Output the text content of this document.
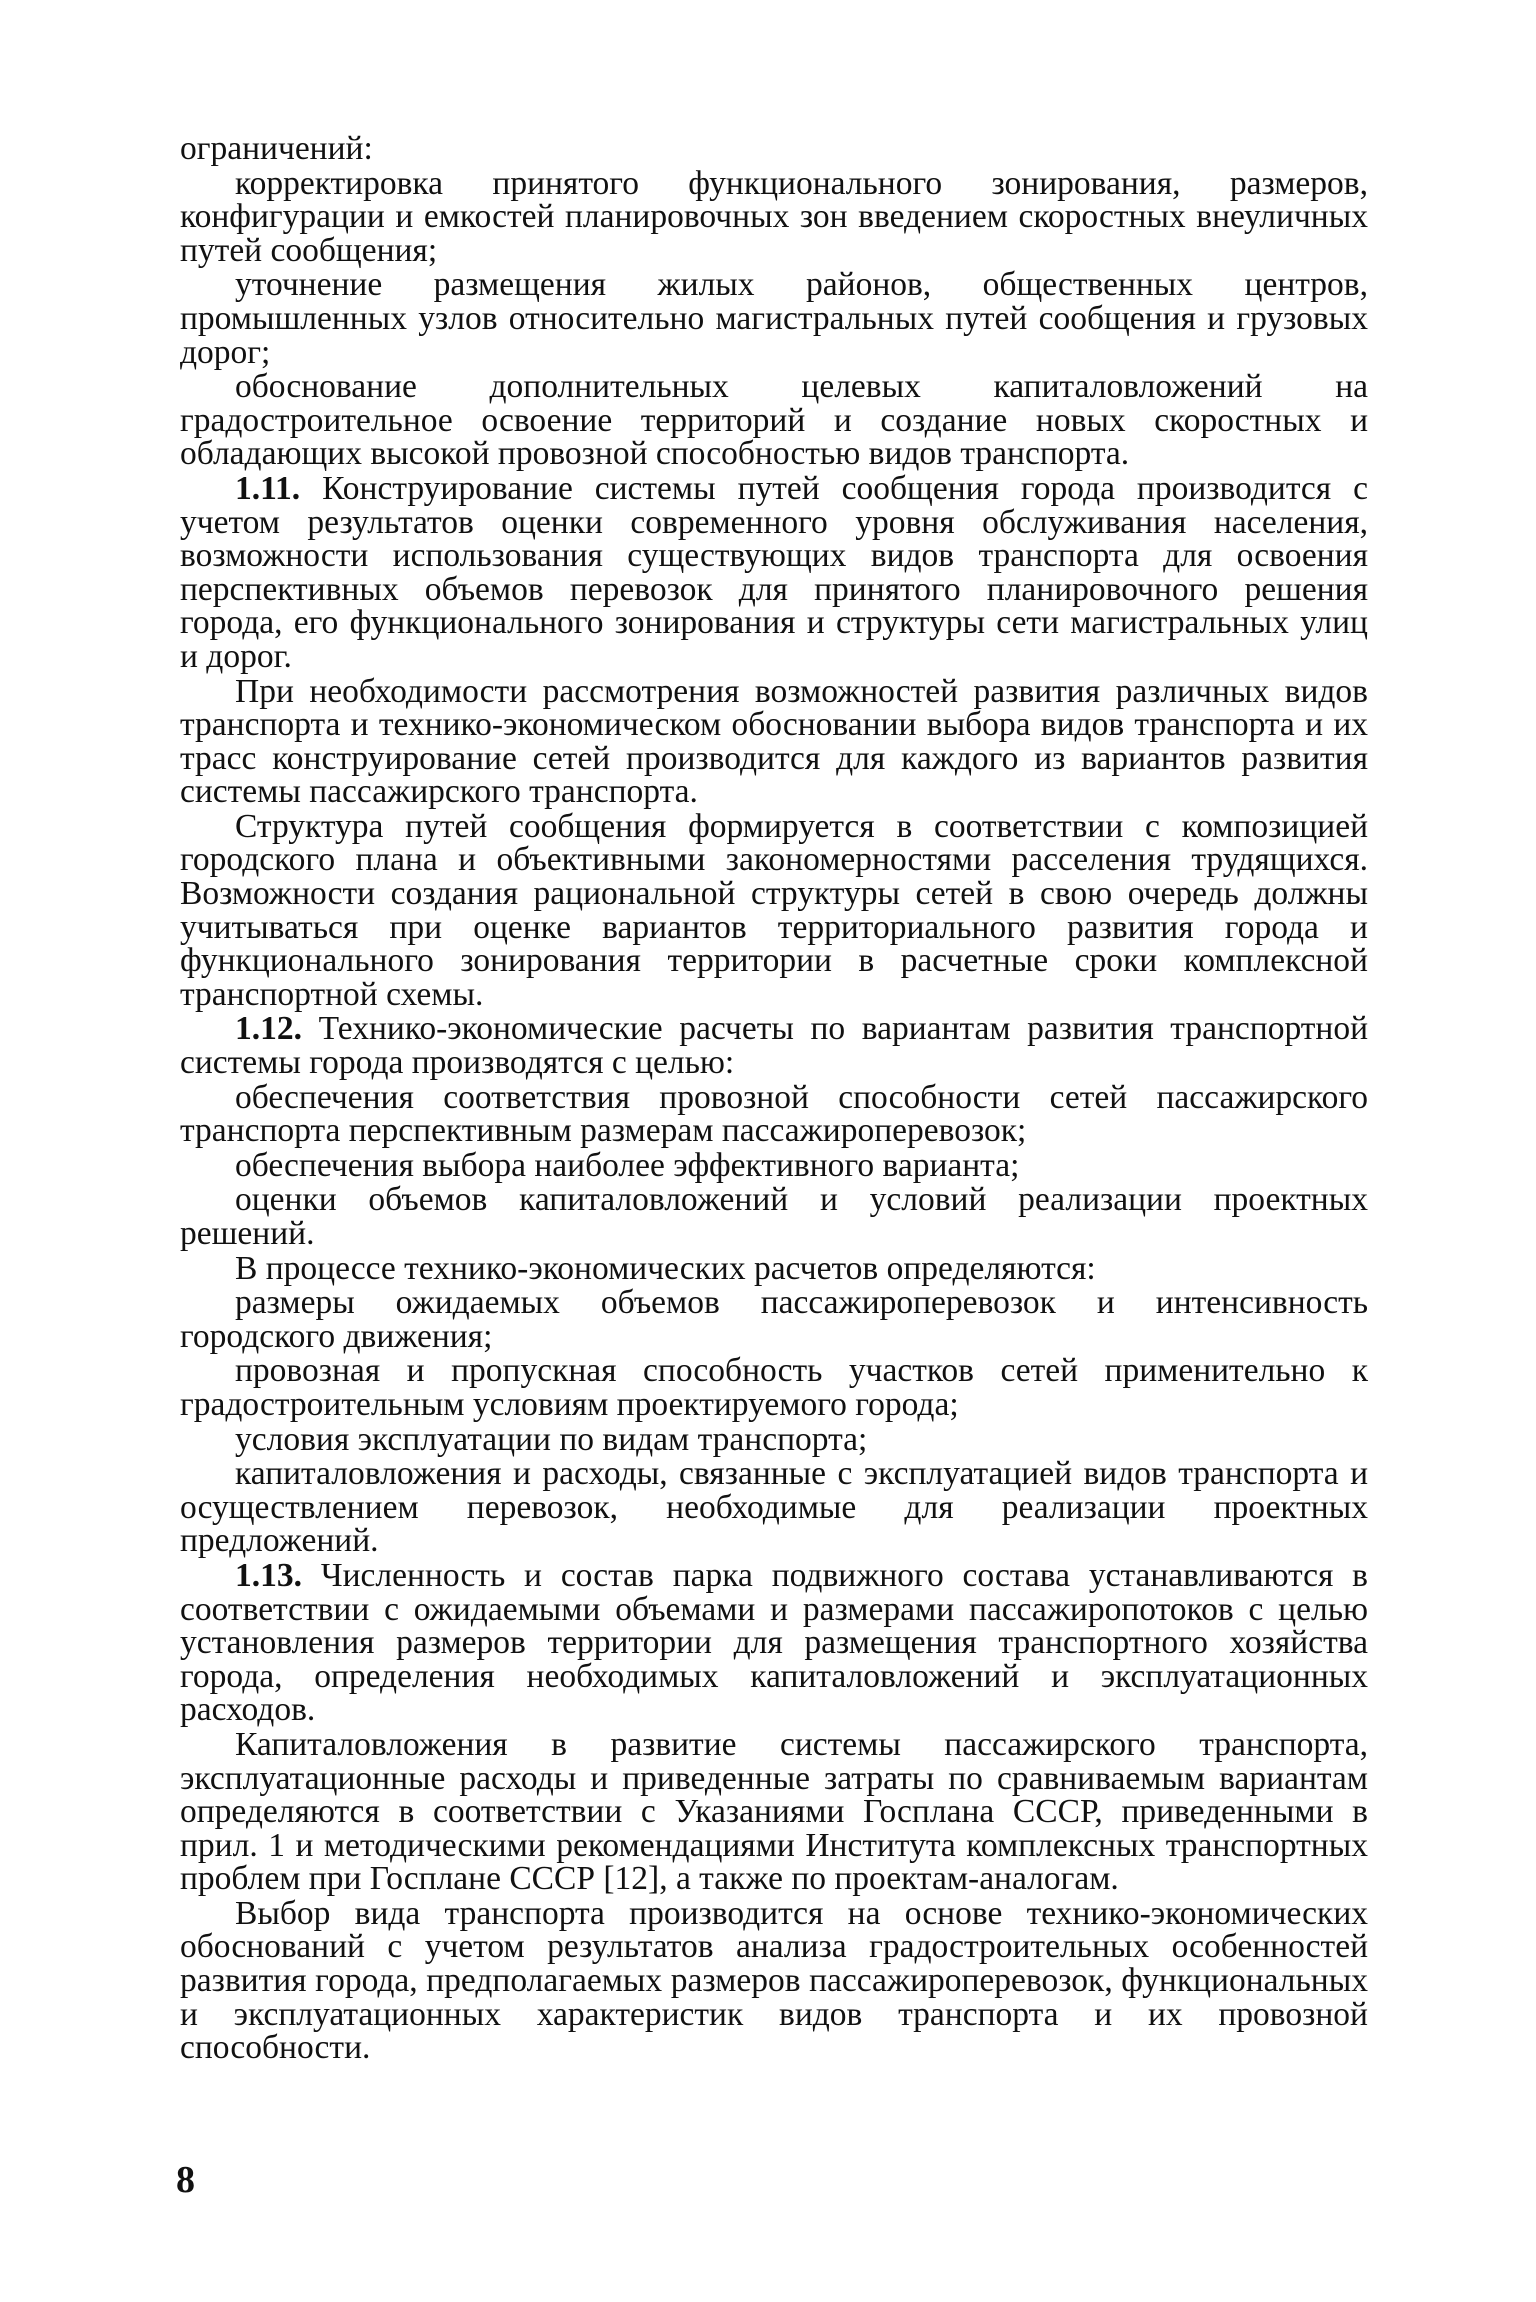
ограничений:

корректировка принятого функционального зонирования, размеров, конфигурации и емкостей планировочных зон введением скоростных внеуличных путей сообщения;

уточнение размещения жилых районов, общественных центров, промышленных узлов относительно магистральных путей сообщения и грузовых дорог;

обоснование дополнительных целевых капиталовложений на градостроительное освоение территорий и создание новых скоростных и обладающих высокой провозной способностью видов транспорта.

1.11. Конструирование системы путей сообщения города производится с учетом результатов оценки современного уровня обслуживания населения, возможности использования существующих видов транспорта для освоения перспективных объемов перевозок для принятого планировочного решения города, его функционального зонирования и структуры сети магистральных улиц и дорог.

При необходимости рассмотрения возможностей развития различных видов транспорта и технико-экономическом обосновании выбора видов транспорта и их трасс конструирование сетей производится для каждого из вариантов развития системы пассажирского транспорта.

Структура путей сообщения формируется в соответствии с композицией городского плана и объективными закономерностями расселения трудящихся. Возможности создания рациональной структуры сетей в свою очередь должны учитываться при оценке вариантов территориального развития города и функционального зонирования территории в расчетные сроки комплексной транспортной схемы.

1.12. Технико-экономические расчеты по вариантам развития транспортной системы города производятся с целью:

обеспечения соответствия провозной способности сетей пассажирского транспорта перспективным размерам пассажироперевозок;

обеспечения выбора наиболее эффективного варианта;

оценки объемов капиталовложений и условий реализации проектных решений.

В процессе технико-экономических расчетов определяются:

размеры ожидаемых объемов пассажироперевозок и интенсивность городского движения;

провозная и пропускная способность участков сетей применительно к градостроительным условиям проектируемого города;

условия эксплуатации по видам транспорта;

капиталовложения и расходы, связанные с эксплуатацией видов транспорта и осуществлением перевозок, необходимые для реализации проектных предложений.

1.13. Численность и состав парка подвижного состава устанавливаются в соответствии с ожидаемыми объемами и размерами пассажиропотоков с целью установления размеров территории для размещения транспортного хозяйства города, определения необходимых капиталовложений и эксплуатационных расходов.

Капиталовложения в развитие системы пассажирского транспорта, эксплуатационные расходы и приведенные затраты по сравниваемым вариантам определяются в соответствии с Указаниями Госплана СССР, приведенными в прил. 1 и методическими рекомендациями Института комплексных транспортных проблем при Госплане СССР [12], а также по проектам-аналогам.

Выбор вида транспорта производится на основе технико-экономических обоснований с учетом результатов анализа градостроительных особенностей развития города, предполагаемых размеров пассажироперевозок, функциональных и эксплуатационных характеристик видов транспорта и их провозной способности.

8
